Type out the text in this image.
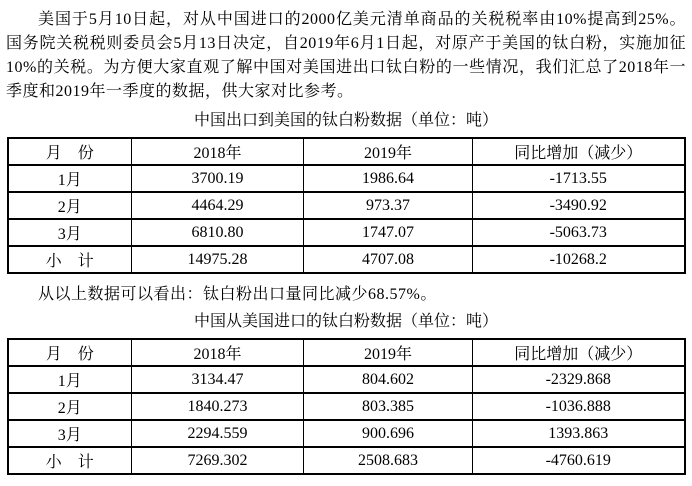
美国于5月10日起，对从中国进口的2000亿美元清单商品的关税税率由10%提高到25%。国务院关税税则委员会5月13日决定，自2019年6月1日起，对原产于美国的钛白粉，实施加征10%的关税。为方便大家直观了解中国对美国进出口钛白粉的一些情况，我们汇总了2018年一季度和2019年一季度的数据，供大家对比参考。

中国出口到美国的钛白粉数据（单位：吨）
月　份	2018年	2019年	同比增加（减少）
1月	3700.19	1986.64	-1713.55
2月	4464.29	973.37	-3490.92
3月	6810.80	1747.07	-5063.73
小　计	14975.28	4707.08	-10268.2

从以上数据可以看出：钛白粉出口量同比减少68.57%。

中国从美国进口的钛白粉数据（单位：吨）
月　份	2018年	2019年	同比增加（减少）
1月	3134.47	804.602	-2329.868
2月	1840.273	803.385	-1036.888
3月	2294.559	900.696	1393.863
小　计	7269.302	2508.683	-4760.619
